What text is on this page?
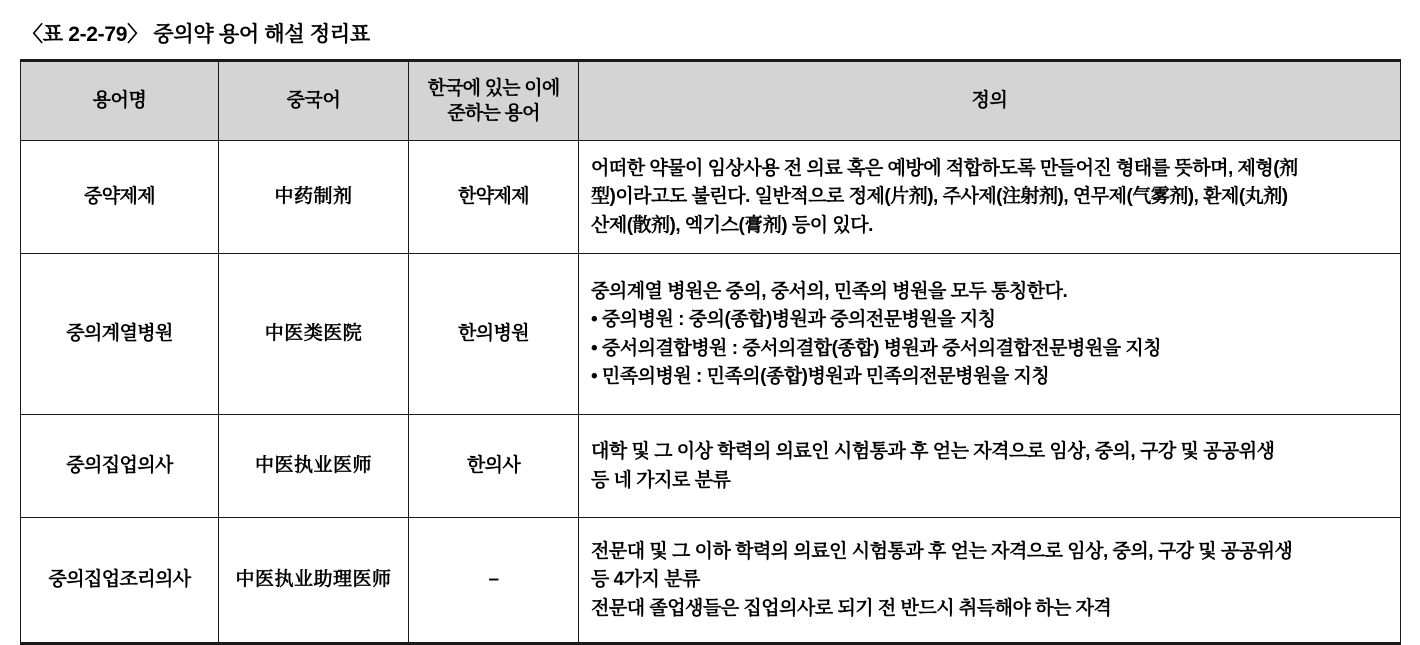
〈표 2-2-79〉 중의약 용어 해설 정리표
용어명	중국어	한국에 있는 이에 준하는 용어	정의
중약제제	中药制剂	한약제제	어떠한 약물이 임상사용 전 의료 혹은 예방에 적합하도록 만들어진 형태를 뜻하며, 제형(剂
型)이라고도 불린다. 일반적으로 정제(片剂), 주사제(注射剂), 연무제(气雾剂), 환제(丸剂)
산제(散剂), 엑기스(膏剂) 등이 있다.

중의계열병원	中医类医院	한의병원	중의계열 병원은 중의, 중서의, 민족의 병원을 모두 통칭한다.
• 중의병원 : 중의(종합)병원과 중의전문병원을 지칭
• 중서의결합병원 : 중서의결합(종합) 병원과 중서의결합전문병원을 지칭
• 민족의병원 : 민족의(종합)병원과 민족의전문병원을 지칭

중의집업의사	中医执业医师	한의사	대학 및 그 이상 학력의 의료인 시험통과 후 얻는 자격으로 임상, 중의, 구강 및 공공위생
등 네 가지로 분류

중의집업조리의사	中医执业助理医师	–	전문대 및 그 이하 학력의 의료인 시험통과 후 얻는 자격으로 임상, 중의, 구강 및 공공위생
등 4가지 분류
전문대 졸업생들은 집업의사로 되기 전 반드시 취득해야 하는 자격
